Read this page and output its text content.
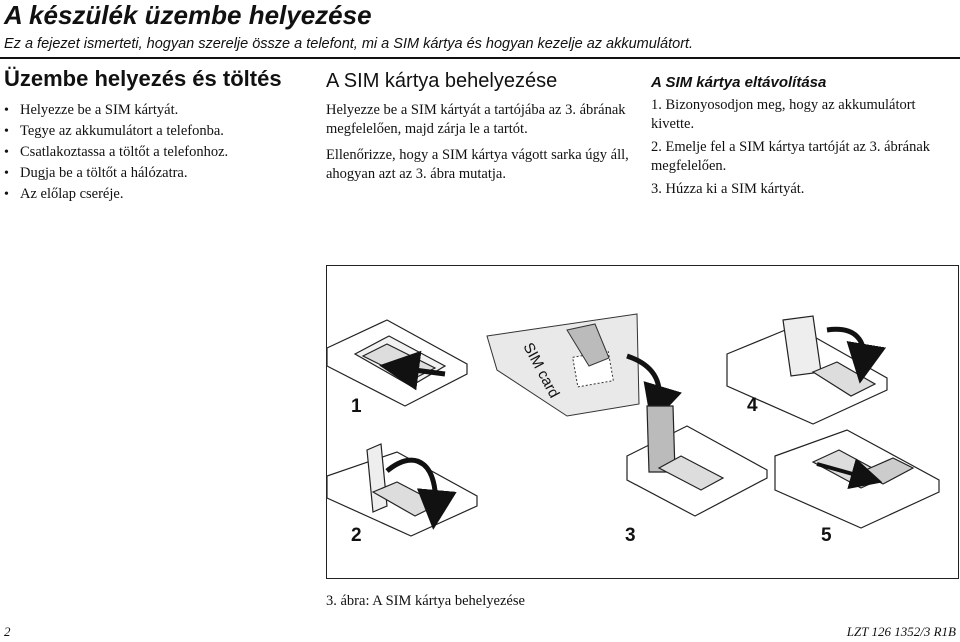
A készülék üzembe helyezése
Ez a fejezet ismerteti, hogyan szerelje össze a telefont, mi a SIM kártya és hogyan kezelje az akkumulátort.
Üzembe helyezés és töltés
• Helyezze be a SIM kártyát.
• Tegye az akkumulátort a telefonba.
• Csatlakoztassa a töltőt a telefonhoz.
• Dugja be a töltőt a hálózatra.
• Az előlap cseréje.
A SIM kártya behelyezése

Helyezze be a SIM kártyát a tartójába az 3. ábrának megfelelően, majd zárja le a tartót.

Ellenőrizze, hogy a SIM kártya vágott sarka úgy áll, ahogyan azt az 3. ábra mutatja.

A SIM kártya eltávolítása

1. Bizonyosodjon meg, hogy az akkumulátort kivette.

2. Emelje fel a SIM kártya tartóját az 3. ábrának megfelelően.

3. Húzza ki a SIM kártyát.

SIM card
1
2	3
4
5
3. ábra: A SIM kártya behelyezése
2	LZT 126 1352/3 R1B
